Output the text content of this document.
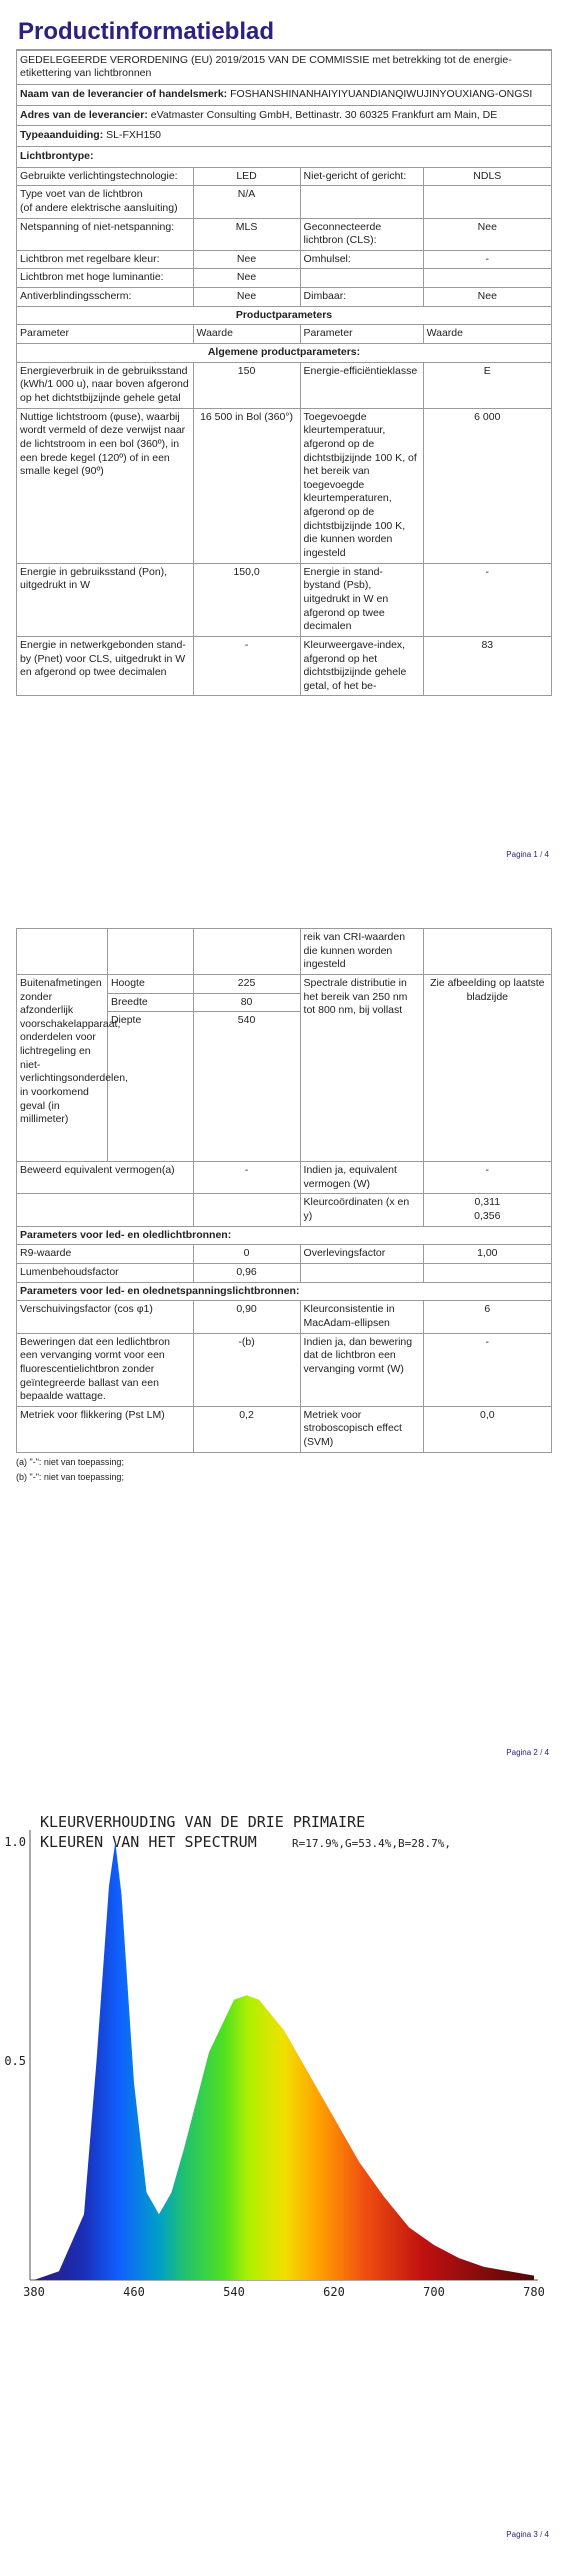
Productinformatieblad
GEDELEGEERDE VERORDENING (EU) 2019/2015 VAN DE COMMISSIE met betrekking tot de energie-etikettering van lichtbronnen			
Naam van de leverancier of handelsmerk: FOSHANSHINANHAIYIYUANDIANQIWUJINYOUXIANG-ONGSI			
Adres van de leverancier: eVatmaster Consulting GmbH, Bettinastr. 30 60325 Frankfurt am Main, DE			
Typeaanduiding: SL-FXH150			
Lichtbrontype:			
Gebruikte verlichtingstechnologie:	LED	Niet-gericht of gericht:	NDLS
Type voet van de lichtbron
(of andere elektrische aansluiting)	N/A		
Netspanning of niet-netspanning:	MLS	Geconnecteerde lichtbron (CLS):	Nee
Lichtbron met regelbare kleur:	Nee	Omhulsel:	-
Lichtbron met hoge luminantie:	Nee		
Antiverblindingsscherm:	Nee	Dimbaar:	Nee
Productparameters			
Parameter	Waarde	Parameter	Waarde
Algemene productparameters:			
Energieverbruik in de gebruiksstand (kWh/1 000 u), naar boven afgerond op het dichtstbijzijnde gehele getal	150	Energie-efficiëntieklasse	E
Nuttige lichtstroom (φuse), waarbij wordt vermeld of deze verwijst naar de lichtstroom in een bol (360º), in een brede kegel (120º) of in een smalle kegel (90º)	16 500 in Bol (360°)	Toegevoegde kleurtemperatuur, afgerond op de dichtstbijzijnde 100 K, of het bereik van toegevoegde kleurtemperaturen, afgerond op de dichtstbijzijnde 100 K, die kunnen worden ingesteld	6 000
Energie in gebruiksstand (Pon), uitgedrukt in W	150,0	Energie in stand-bystand (Psb), uitgedrukt in W en afgerond op twee decimalen	-
Energie in netwerkgebonden stand-by (Pnet) voor CLS, uitgedrukt in W en afgerond op twee decimalen	-	Kleurweergave-index, afgerond op het dichtstbijzijnde gehele getal, of het be-	83
Pagina 1 / 4
			reik van CRI-waarden die kunnen worden ingesteld	
Buitenafmetingen zonder afzonderlijk voorschakelapparaat, onderdelen voor lichtregeling en niet-verlichtingsonderdelen, in voorkomend geval (in millimeter)	Hoogte	225	Spectrale distributie in het bereik van 250 nm tot 800 nm, bij vollast	Zie afbeelding op laatste bladzijde
	Breedte	80		
	Diepte	540		
Beweerd equivalent vermogen(a)		-	Indien ja, equivalent vermogen (W)	-
			Kleurcoördinaten (x en y)	0,311
0,356
Parameters voor led- en oledlichtbronnen:				
R9-waarde		0	Overlevingsfactor	1,00
Lumenbehoudsfactor		0,96		
Parameters voor led- en olednetspanningslichtbronnen:				
Verschuivingsfactor (cos φ1)		0,90	Kleurconsistentie in MacAdam-ellipsen	6
Beweringen dat een ledlichtbron een vervanging vormt voor een fluorescentielichtbron zonder geïntegreerde ballast van een bepaalde wattage.		-(b)	Indien ja, dan bewering dat de lichtbron een vervanging vormt (W)	-
Metriek voor flikkering (Pst LM)		0,2	Metriek voor stroboscopisch effect (SVM)	0,0
(a) "-": niet van toepassing;
(b) "-": niet van toepassing;
Pagina 2 / 4
KLEURVERHOUDING VAN DE DRIE PRIMAIRE
KLEUREN VAN HET SPECTRUM	R=17.9%,G=53.4%,B=28.7%,
380	460	540	620	700	780
1.0
0.5
Pagina 3 / 4
